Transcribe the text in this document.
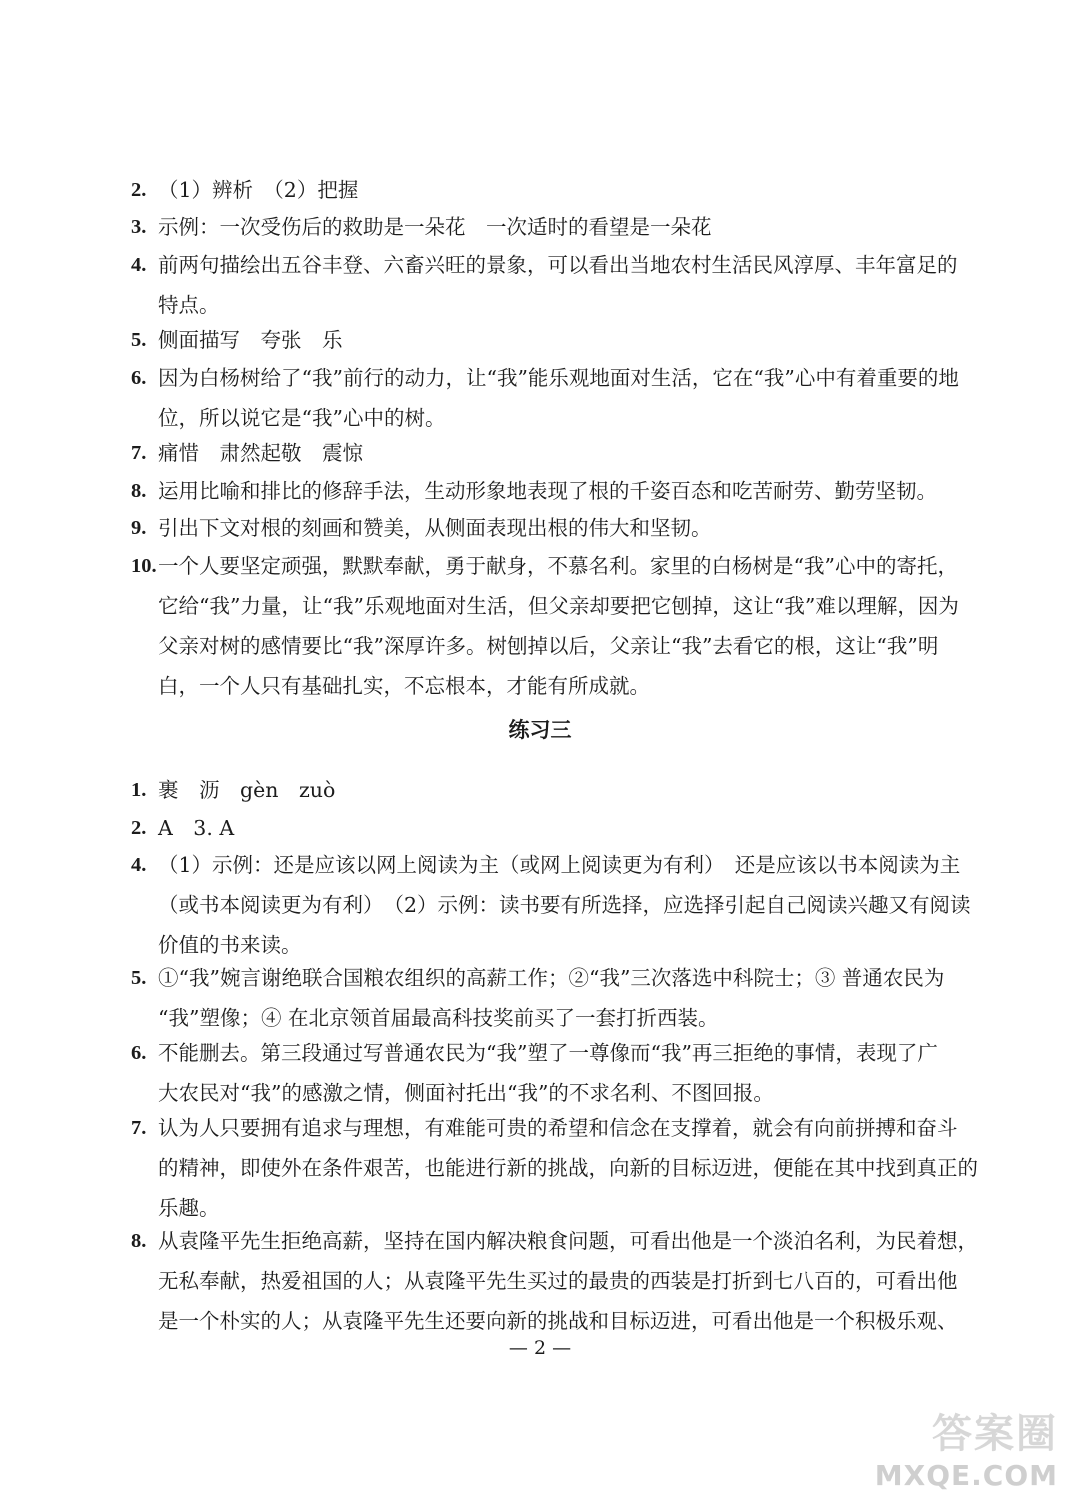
2. （1）辨析　（2）把握
3. 示例：一次受伤后的救助是一朵花　一次适时的看望是一朵花
4. 前两句描绘出五谷丰登、六畜兴旺的景象，可以看出当地农村生活民风淳厚、丰年富足的
特点。
5. 侧面描写　夸张　乐
6. 因为白杨树给了“我”前行的动力，让“我”能乐观地面对生活，它在“我”心中有着重要的地
位，所以说它是“我”心中的树。
7. 痛惜　肃然起敬　震惊
8. 运用比喻和排比的修辞手法，生动形象地表现了根的千姿百态和吃苦耐劳、勤劳坚韧。
9. 引出下文对根的刻画和赞美，从侧面表现出根的伟大和坚韧。
10. 一个人要坚定顽强，默默奉献，勇于献身，不慕名利。家里的白杨树是“我”心中的寄托，
它给“我”力量，让“我”乐观地面对生活，但父亲却要把它刨掉，这让“我”难以理解，因为
父亲对树的感情要比“我”深厚许多。树刨掉以后，父亲让“我”去看它的根，这让“我”明
白，一个人只有基础扎实，不忘根本，才能有所成就。
练习三
1. 裹　沥　gèn　zuò
2. A　3. A
4. （1）示例：还是应该以网上阅读为主（或网上阅读更为有利）　还是应该以书本阅读为主
（或书本阅读更为有利）　（2）示例：读书要有所选择，应选择引起自己阅读兴趣又有阅读
价值的书来读。
5. ①“我”婉言谢绝联合国粮农组织的高薪工作；②“我”三次落选中科院士；③ 普通农民为
“我”塑像；④ 在北京领首届最高科技奖前买了一套打折西装。
6. 不能删去。第三段通过写普通农民为“我”塑了一尊像而“我”再三拒绝的事情，表现了广
大农民对“我”的感激之情，侧面衬托出“我”的不求名利、不图回报。
7. 认为人只要拥有追求与理想，有难能可贵的希望和信念在支撑着，就会有向前拼搏和奋斗
的精神，即使外在条件艰苦，也能进行新的挑战，向新的目标迈进，便能在其中找到真正的
乐趣。
8. 从袁隆平先生拒绝高薪，坚持在国内解决粮食问题，可看出他是一个淡泊名利，为民着想，
无私奉献，热爱祖国的人；从袁隆平先生买过的最贵的西装是打折到七八百的，可看出他
是一个朴实的人；从袁隆平先生还要向新的挑战和目标迈进，可看出他是一个积极乐观、
— 2 —
答案圈
MXQE.COM
